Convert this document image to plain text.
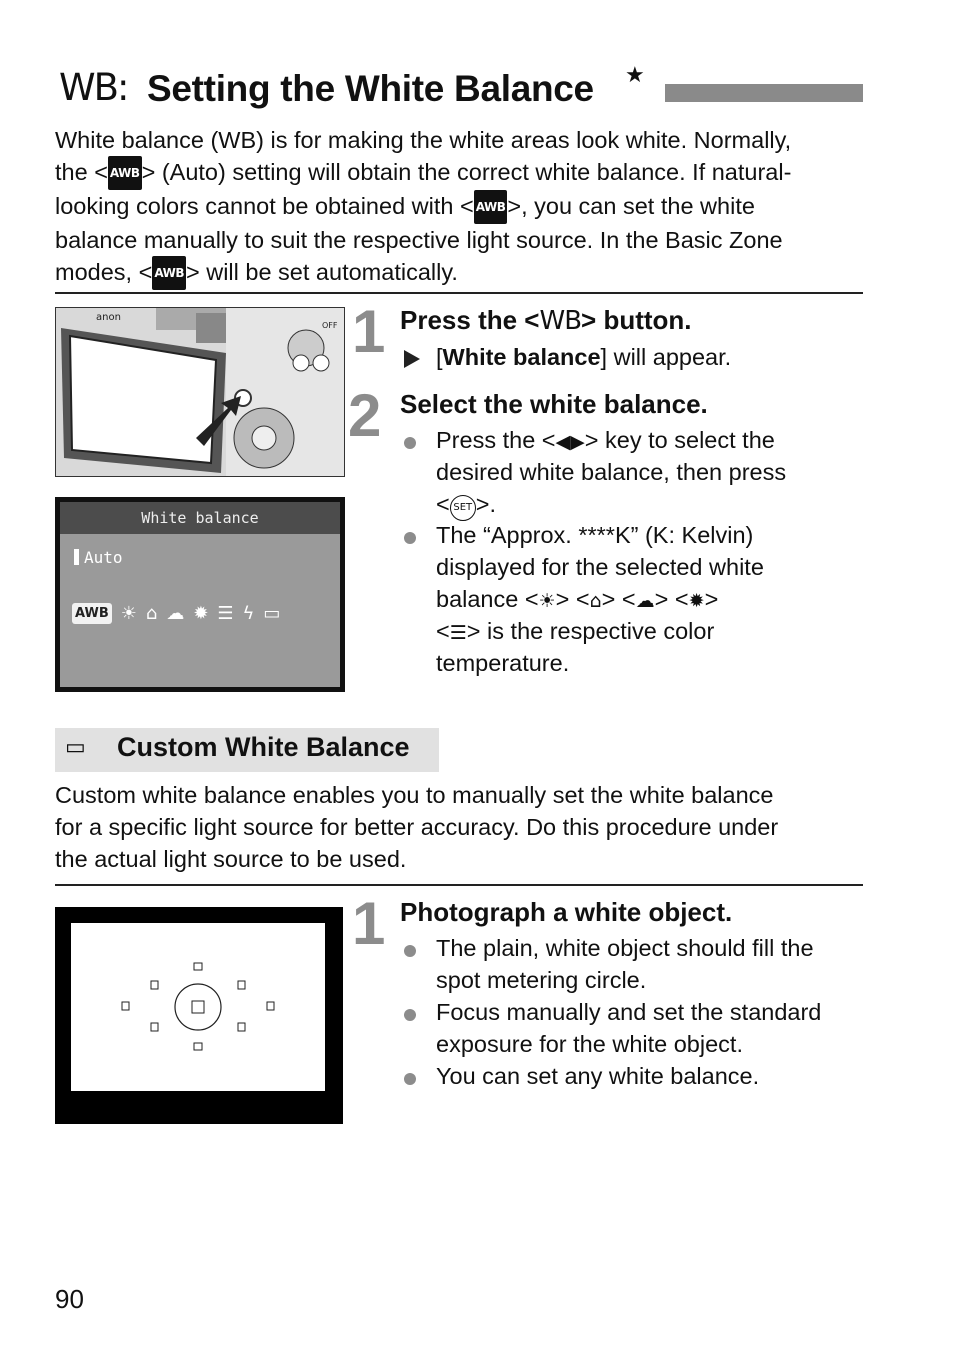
WB: Setting the White Balance ★
White balance (WB) is for making the white areas look white. Normally,
the < AWB> (Auto) setting will obtain the correct white balance. If natural-
looking colors cannot be obtained with < AWB>, you can set the white
balance manually to suit the respective light source. In the Basic Zone
modes, < AWB> will be set automatically.
anon
OFF
White balance
Auto
AWB ☀ ⌂ ☁ ✹ ☰ ϟ ▭
1 Press the <WB> button.
[White balance] will appear.
2 Select the white balance.
Press the <◀▶> key to select the
desired white balance, then press
< SET >.
The “Approx. ****K” (K: Kelvin)
displayed for the selected white
balance <☀> <⌂> <☁> <✹>
<☰> is the respective color
temperature.
▭ Custom White Balance
Custom white balance enables you to manually set the white balance
for a specific light source for better accuracy. Do this procedure under
the actual light source to be used.
1 Photograph a white object.
The plain, white object should fill the
spot metering circle.
Focus manually and set the standard
exposure for the white object.
You can set any white balance.
90
